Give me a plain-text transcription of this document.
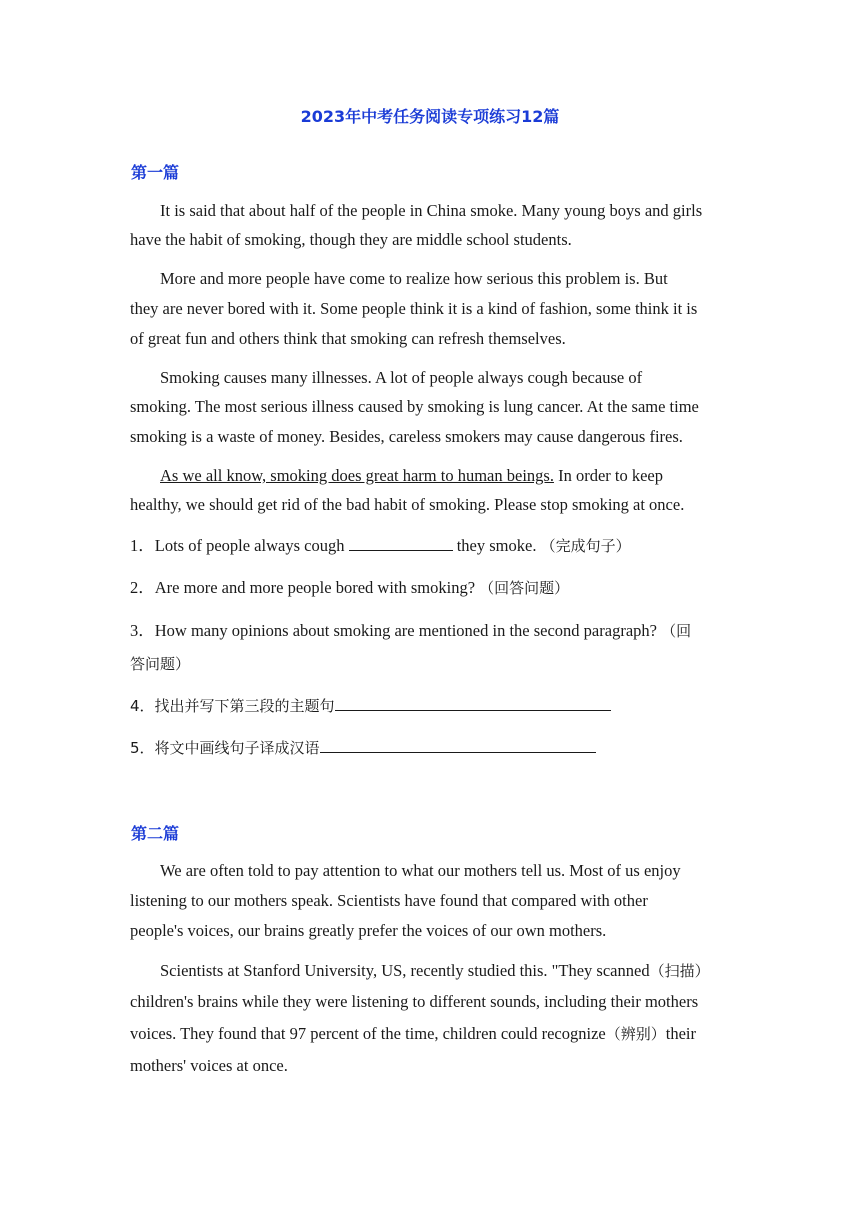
2023年中考任务阅读专项练习12篇
第一篇
It is said that about half of the people in China smoke. Many young boys and girls
have the habit of smoking, though they are middle school students.
More and more people have come to realize how serious this problem is. But
they are never bored with it. Some people think it is a kind of fashion, some think it is
of great fun and others think that smoking can refresh themselves.
Smoking causes many illnesses. A lot of people always cough because of
smoking. The most serious illness caused by smoking is lung cancer. At the same time
smoking is a waste of money. Besides, careless smokers may cause dangerous fires.
As we all know, smoking does great harm to human beings. In order to keep
healthy, we should get rid of the bad habit of smoking. Please stop smoking at once.
1．Lots of people always cough	they smoke. （完成句子）
2．Are more and more people bored with smoking? （回答问题）
3．How many opinions about smoking are mentioned in the second paragraph? （回
答问题）
4．找出并写下第三段的主题句
5．将文中画线句子译成汉语
第二篇
We are often told to pay attention to what our mothers tell us. Most of us enjoy
listening to our mothers speak. Scientists have found that compared with other
people's voices, our brains greatly prefer the voices of our own mothers.
Scientists at Stanford University, US, recently studied this. "They scanned（扫描）
children's brains while they were listening to different sounds, including their mothers
voices. They found that 97 percent of the time, children could recognize（辨别）their
mothers' voices at once.
